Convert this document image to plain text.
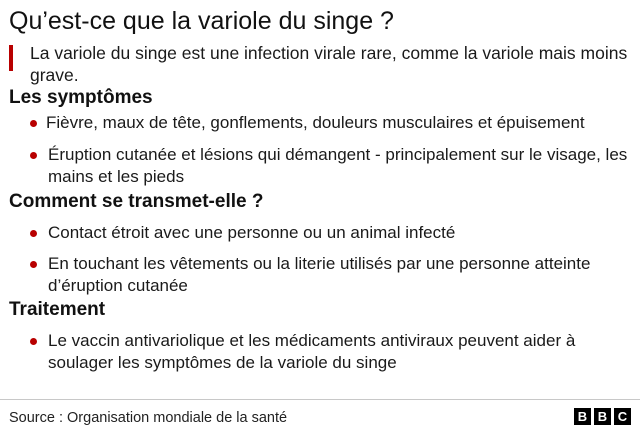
Qu’est-ce que la variole du singe ?
La variole du singe est une infection virale rare, comme la variole mais moins grave.
Les symptômes
Fièvre, maux de tête, gonflements, douleurs musculaires et épuisement
Éruption cutanée et lésions qui démangent - principalement sur le visage, les mains et les pieds
Comment se transmet-elle ?
Contact étroit avec une personne ou un animal infecté
En touchant les vêtements ou la literie utilisés par une personne atteinte d’éruption cutanée
Traitement
Le vaccin antivariolique et les médicaments antiviraux peuvent aider à soulager les symptômes de la variole du singe
Source : Organisation mondiale de la santé	B B C
